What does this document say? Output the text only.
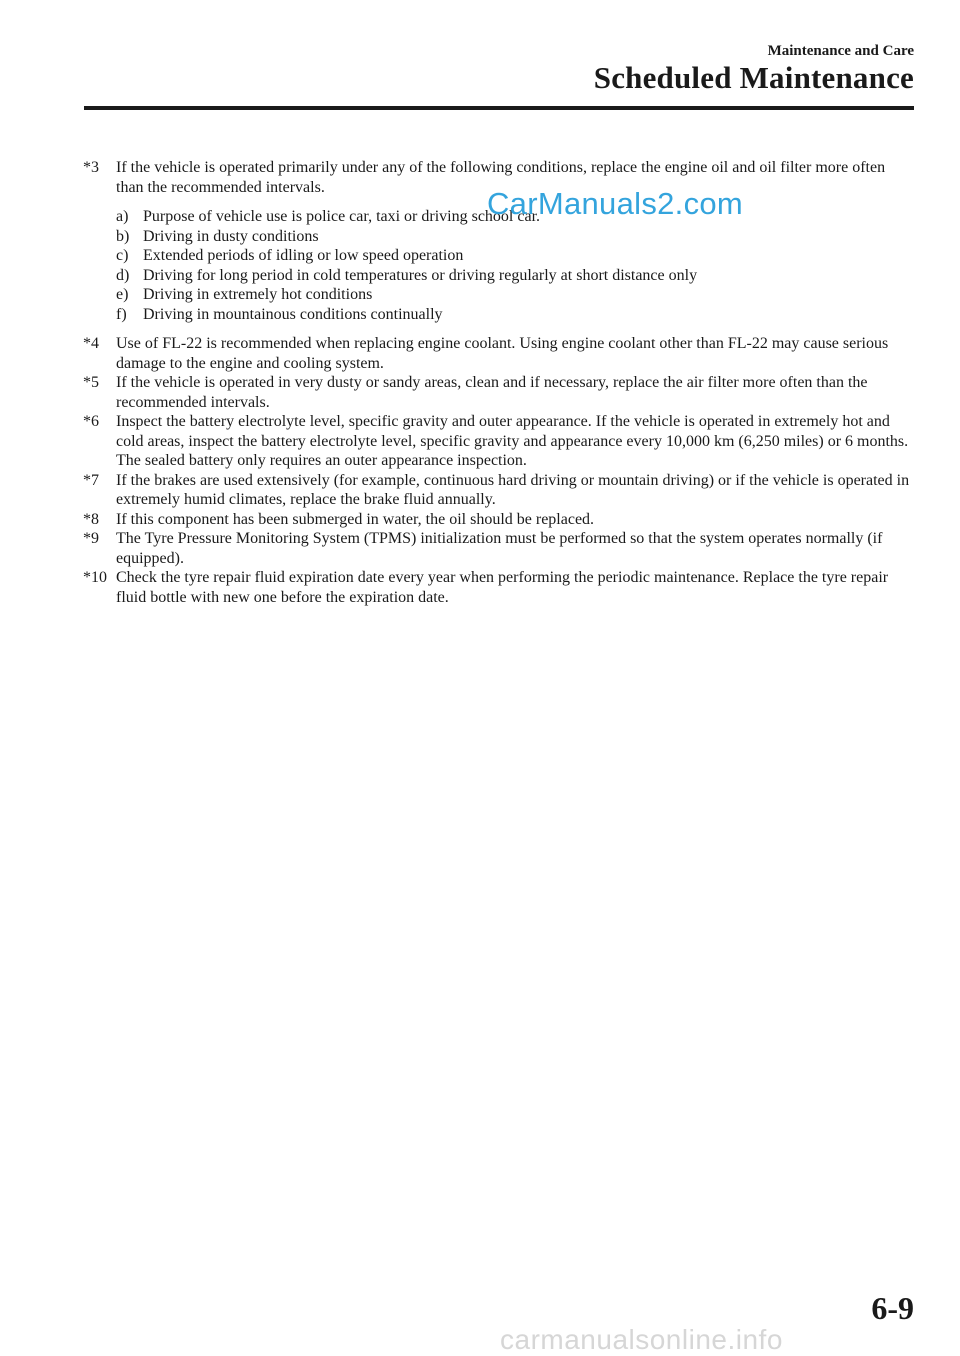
Maintenance and Care
Scheduled Maintenance
*3	If the vehicle is operated primarily under any of the following conditions, replace the engine oil and oil filter more often than the recommended intervals.
a) Purpose of vehicle use is police car, taxi or driving school car.
b) Driving in dusty conditions
c) Extended periods of idling or low speed operation
d) Driving for long period in cold temperatures or driving regularly at short distance only
e) Driving in extremely hot conditions
f)	Driving in mountainous conditions continually
*4	Use of FL-22 is recommended when replacing engine coolant. Using engine coolant other than FL-22 may cause serious damage to the engine and cooling system.
*5	If the vehicle is operated in very dusty or sandy areas, clean and if necessary, replace the air filter more often than the recommended intervals.
*6	Inspect the battery electrolyte level, specific gravity and outer appearance. If the vehicle is operated in extremely hot and cold areas, inspect the battery electrolyte level, specific gravity and appearance every 10,000 km (6,250 miles) or 6 months. The sealed battery only requires an outer appearance inspection.
*7	If the brakes are used extensively (for example, continuous hard driving or mountain driving) or if the vehicle is operated in extremely humid climates, replace the brake fluid annually.
*8	If this component has been submerged in water, the oil should be replaced.
*9	The Tyre Pressure Monitoring System (TPMS) initialization must be performed so that the system operates normally (if equipped).
*10 Check the tyre repair fluid expiration date every year when performing the periodic maintenance. Replace the tyre repair fluid bottle with new one before the expiration date.
CarManuals2.com
6-9
carmanualsonline.info
